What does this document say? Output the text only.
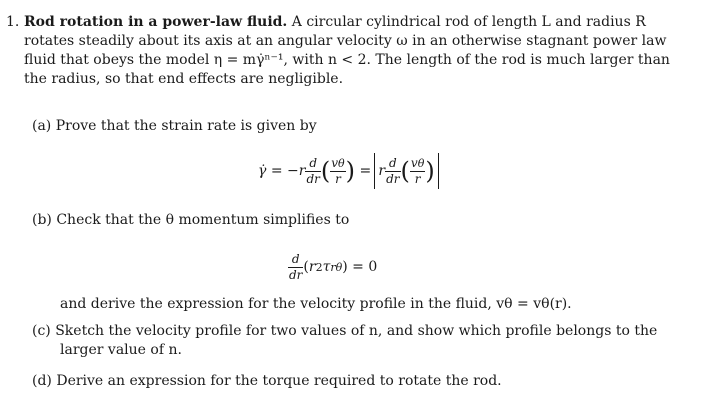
1. Rod rotation in a power-law fluid. A circular cylindrical rod of length L and radius R
rotates steadily about its axis at an angular velocity ω in an otherwise stagnant power law
fluid that obeys the model η = mγ̇ⁿ⁻¹, with n < 2. The length of the rod is much larger than
the radius, so that end effects are negligible.
(a) Prove that the strain rate is given by
γ̇ = − r $\frac{d}{dr}$ ( $\frac{v\theta}{r}$ ) = r $\frac{d}{dr}$ ( $\frac{v\theta}{r}$ )
(b) Check that the θ momentum simplifies to
$\frac{d}{dr}$ ( r 2 τ rθ ) = 0
and derive the expression for the velocity profile in the fluid, vθ = vθ(r).
(c) Sketch the velocity profile for two values of n, and show which profile belongs to the
larger value of n.
(d) Derive an expression for the torque required to rotate the rod.
